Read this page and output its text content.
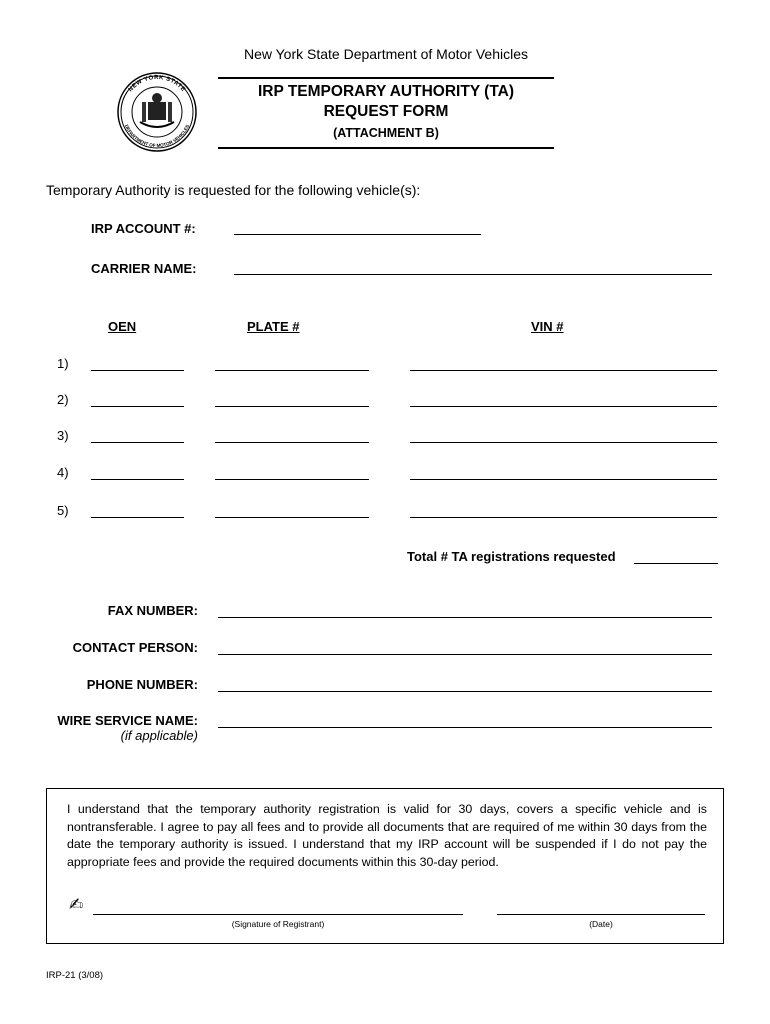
NEW YORK STATE
DEPARTMENT OF MOTOR VEHICLES
New York State Department of Motor Vehicles
IRP TEMPORARY AUTHORITY (TA)
REQUEST FORM
(ATTACHMENT B)
Temporary Authority is requested for the following vehicle(s):
IRP ACCOUNT #:
CARRIER NAME:
OEN	PLATE #	VIN #
1)
2)
3)
4)
5)
Total # TA registrations requested
FAX NUMBER:
CONTACT PERSON:
PHONE NUMBER:
WIRE SERVICE NAME:
(if applicable)
I understand that the temporary authority registration is valid for 30 days, covers a specific vehicle and is nontransferable. I agree to pay all fees and to provide all documents that are required of me within 30 days from the date the temporary authority is issued. I understand that my IRP account will be suspended if I do not pay the appropriate fees and provide the required documents within this 30-day period.
✍
(Signature of Registrant)	(Date)
IRP-21 (3/08)
